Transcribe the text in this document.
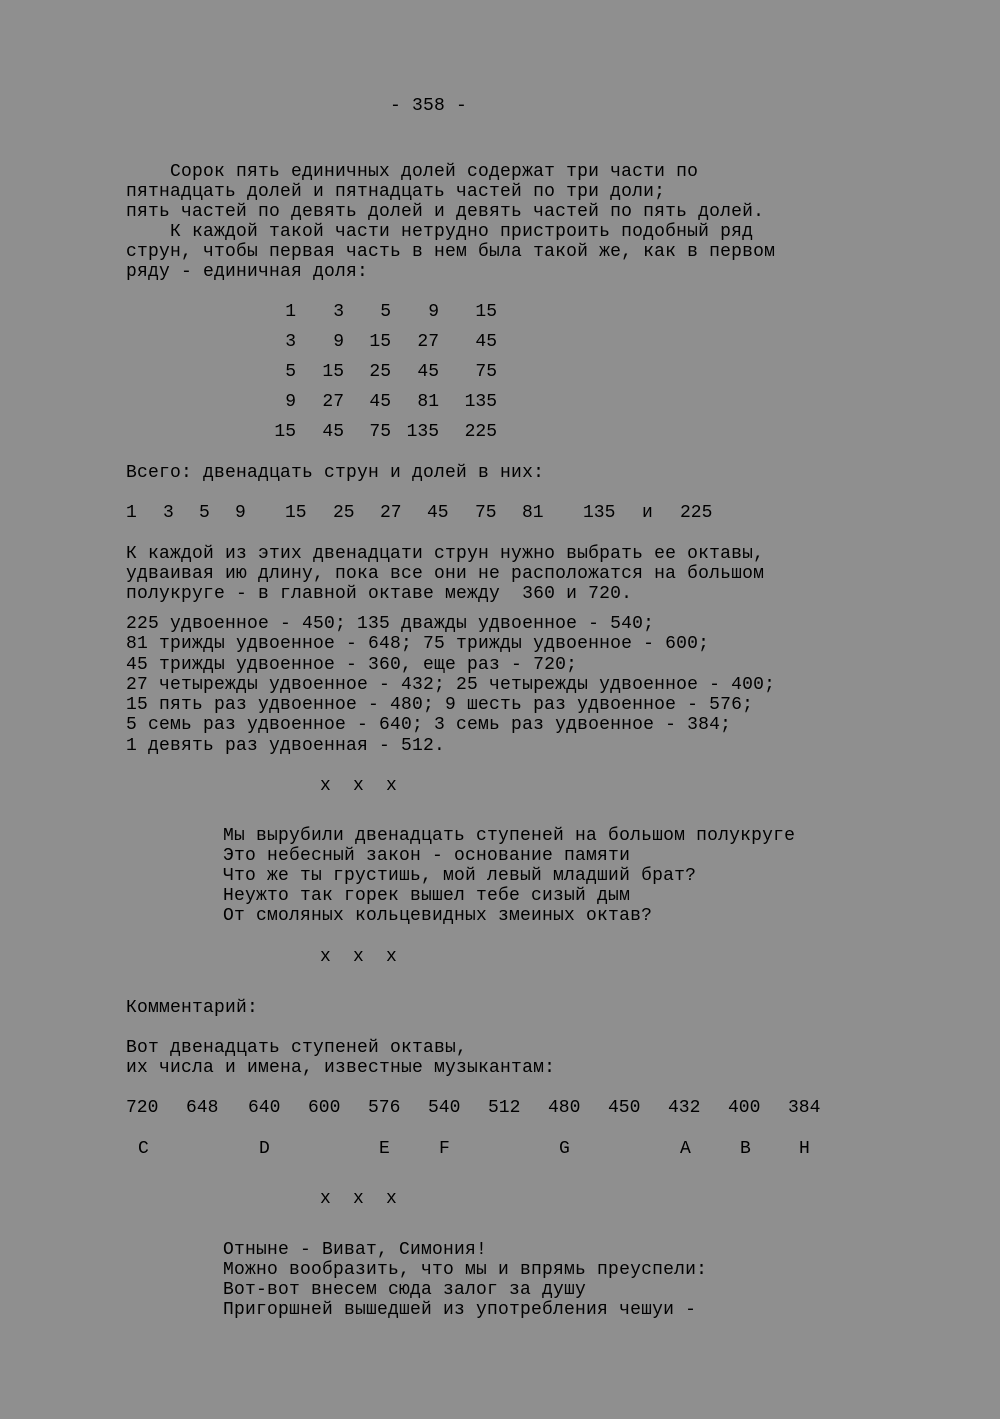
- 358 -
Сорок пять единичных долей содержат три части по
пятнадцать долей и пятнадцать частей по три доли;
пять частей по девять долей и девять частей по пять долей.
К каждой такой части нетрудно пристроить подобный ряд
струн, чтобы первая часть в нем была такой же, как в первом
ряду - единичная доля:
1	3	5	9	15
3	9	15	27	45
5	15	25	45	75
9	27	45	81	135
15	45	75 135	225
Всего: двенадцать струн и долей в них:
1 3 5 9 15 25 27 45 75 81 135 и 225
К каждой из этих двенадцати струн нужно выбрать ее октавы,
удваивая ию длину, пока все они не расположатся на большом
полукруге - в главной октаве между  360 и 720.
225 удвоенное - 450; 135 дважды удвоенное - 540;
81 трижды удвоенное - 648; 75 трижды удвоенное - 600;
45 трижды удвоенное - 360, еще раз - 720;
27 четырежды удвоенное - 432; 25 четырежды удвоенное - 400;
15 пять раз удвоенное - 480; 9 шесть раз удвоенное - 576;
5 семь раз удвоенное - 640; 3 семь раз удвоенное - 384;
1 девять раз удвоенная - 512.
x  x  x
Мы вырубили двенадцать ступеней на большом полукруге
Это небесный закон - основание памяти
Что же ты грустишь, мой левый младший брат?
Неужто так горек вышел тебе сизый дым
От смоляных кольцевидных змеиных октав?
x  x  x
Комментарий:
Вот двенадцать ступеней октавы,
их числа и имена, известные музыкантам:
720 648 640 600 576 540 512 480 450 432 400 384
C	D	E	F	G	A	B	H
x  x  x
Отныне - Виват, Симония!
Можно вообразить, что мы и впрямь преуспели:
Вот-вот внесем сюда залог за душу
Пригоршней вышедшей из употребления чешуи -
